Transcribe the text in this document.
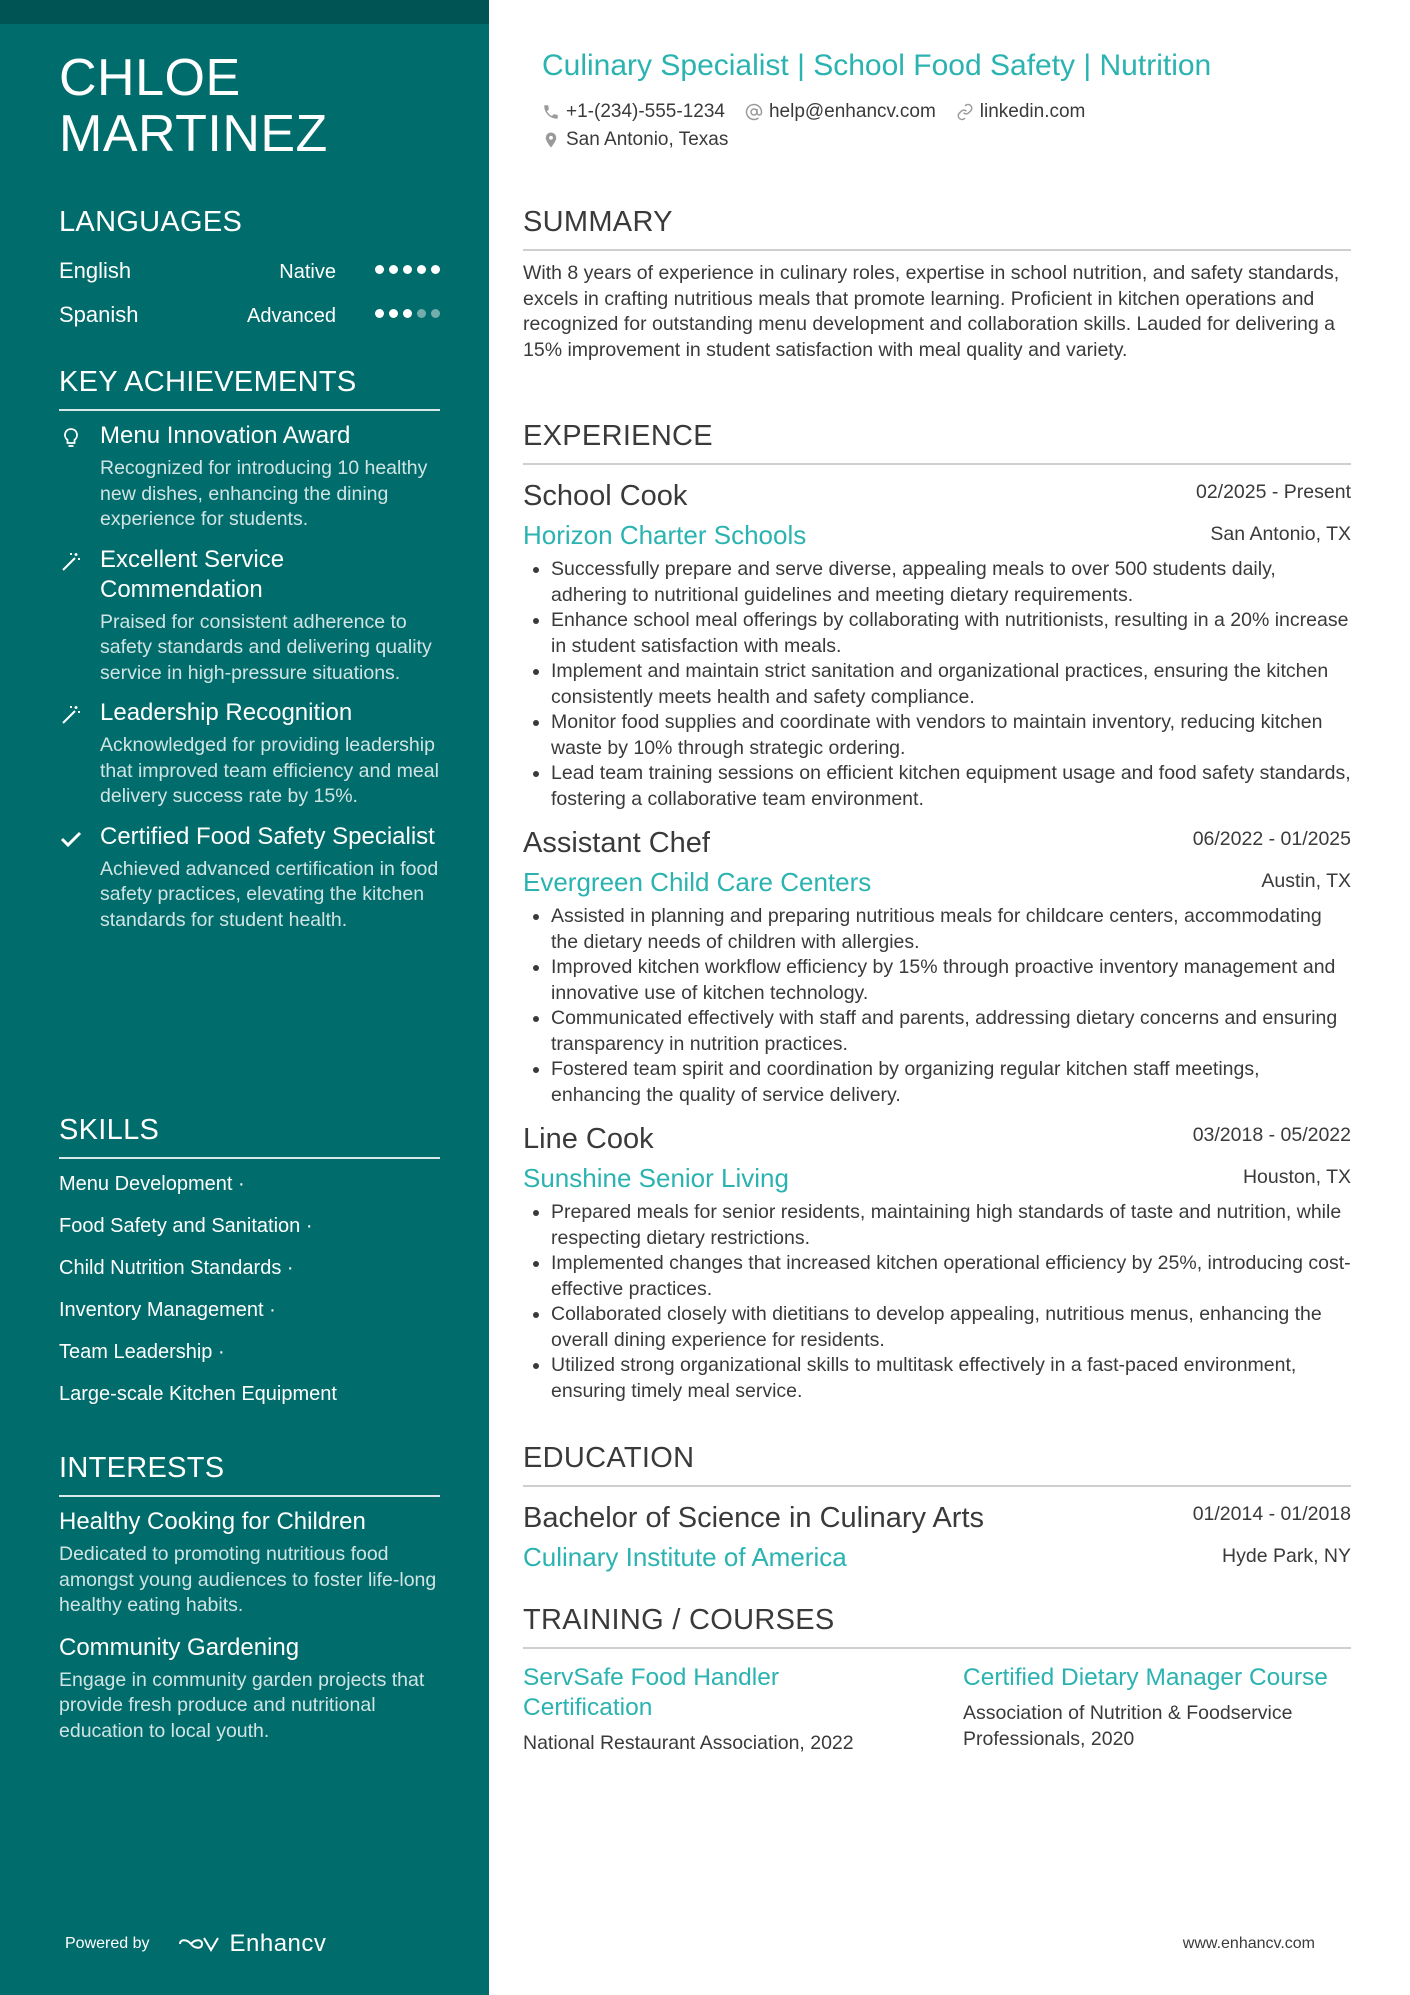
CHLOE
MARTINEZ
LANGUAGES
English	Native
Spanish	Advanced
KEY ACHIEVEMENTS
Menu Innovation Award
Recognized for introducing 10 healthy new dishes, enhancing the dining experience for students.
Excellent Service Commendation
Praised for consistent adherence to safety standards and delivering quality service in high-pressure situations.
Leadership Recognition
Acknowledged for providing leadership that improved team efficiency and meal delivery success rate by 15%.
Certified Food Safety Specialist
Achieved advanced certification in food safety practices, elevating the kitchen standards for student health.
SKILLS
Menu Development ·
Food Safety and Sanitation ·
Child Nutrition Standards ·
Inventory Management ·
Team Leadership ·
Large-scale Kitchen Equipment
INTERESTS
Healthy Cooking for Children
Dedicated to promoting nutritious food amongst young audiences to foster life-long healthy eating habits.
Community Gardening
Engage in community garden projects that provide fresh produce and nutritional education to local youth.
Powered by	Enhancv
Culinary Specialist | School Food Safety | Nutrition
+1-(234)-555-1234 help@enhancv.com linkedin.com
San Antonio, Texas
SUMMARY
With 8 years of experience in culinary roles, expertise in school nutrition, and safety standards, excels in crafting nutritious meals that promote learning. Proficient in kitchen operations and recognized for outstanding menu development and collaboration skills. Lauded for delivering a 15% improvement in student satisfaction with meal quality and variety.
EXPERIENCE
School Cook	02/2025 - Present
Horizon Charter Schools	San Antonio, TX
• Successfully prepare and serve diverse, appealing meals to over 500 students daily, adhering to nutritional guidelines and meeting dietary requirements.
• Enhance school meal offerings by collaborating with nutritionists, resulting in a 20% increase in student satisfaction with meals.
• Implement and maintain strict sanitation and organizational practices, ensuring the kitchen consistently meets health and safety compliance.
• Monitor food supplies and coordinate with vendors to maintain inventory, reducing kitchen waste by 10% through strategic ordering.
• Lead team training sessions on efficient kitchen equipment usage and food safety standards, fostering a collaborative team environment.
Assistant Chef	06/2022 - 01/2025
Evergreen Child Care Centers	Austin, TX
• Assisted in planning and preparing nutritious meals for childcare centers, accommodating the dietary needs of children with allergies.
• Improved kitchen workflow efficiency by 15% through proactive inventory management and innovative use of kitchen technology.
• Communicated effectively with staff and parents, addressing dietary concerns and ensuring transparency in nutrition practices.
• Fostered team spirit and coordination by organizing regular kitchen staff meetings, enhancing the quality of service delivery.
Line Cook	03/2018 - 05/2022
Sunshine Senior Living	Houston, TX
• Prepared meals for senior residents, maintaining high standards of taste and nutrition, while respecting dietary restrictions.
• Implemented changes that increased kitchen operational efficiency by 25%, introducing cost-effective practices.
• Collaborated closely with dietitians to develop appealing, nutritious menus, enhancing the overall dining experience for residents.
• Utilized strong organizational skills to multitask effectively in a fast-paced environment, ensuring timely meal service.
EDUCATION
Bachelor of Science in Culinary Arts	01/2014 - 01/2018
Culinary Institute of America	Hyde Park, NY
TRAINING / COURSES
ServSafe Food Handler Certification
National Restaurant Association, 2022
Certified Dietary Manager Course
Association of Nutrition & Foodservice Professionals, 2020
www.enhancv.com
